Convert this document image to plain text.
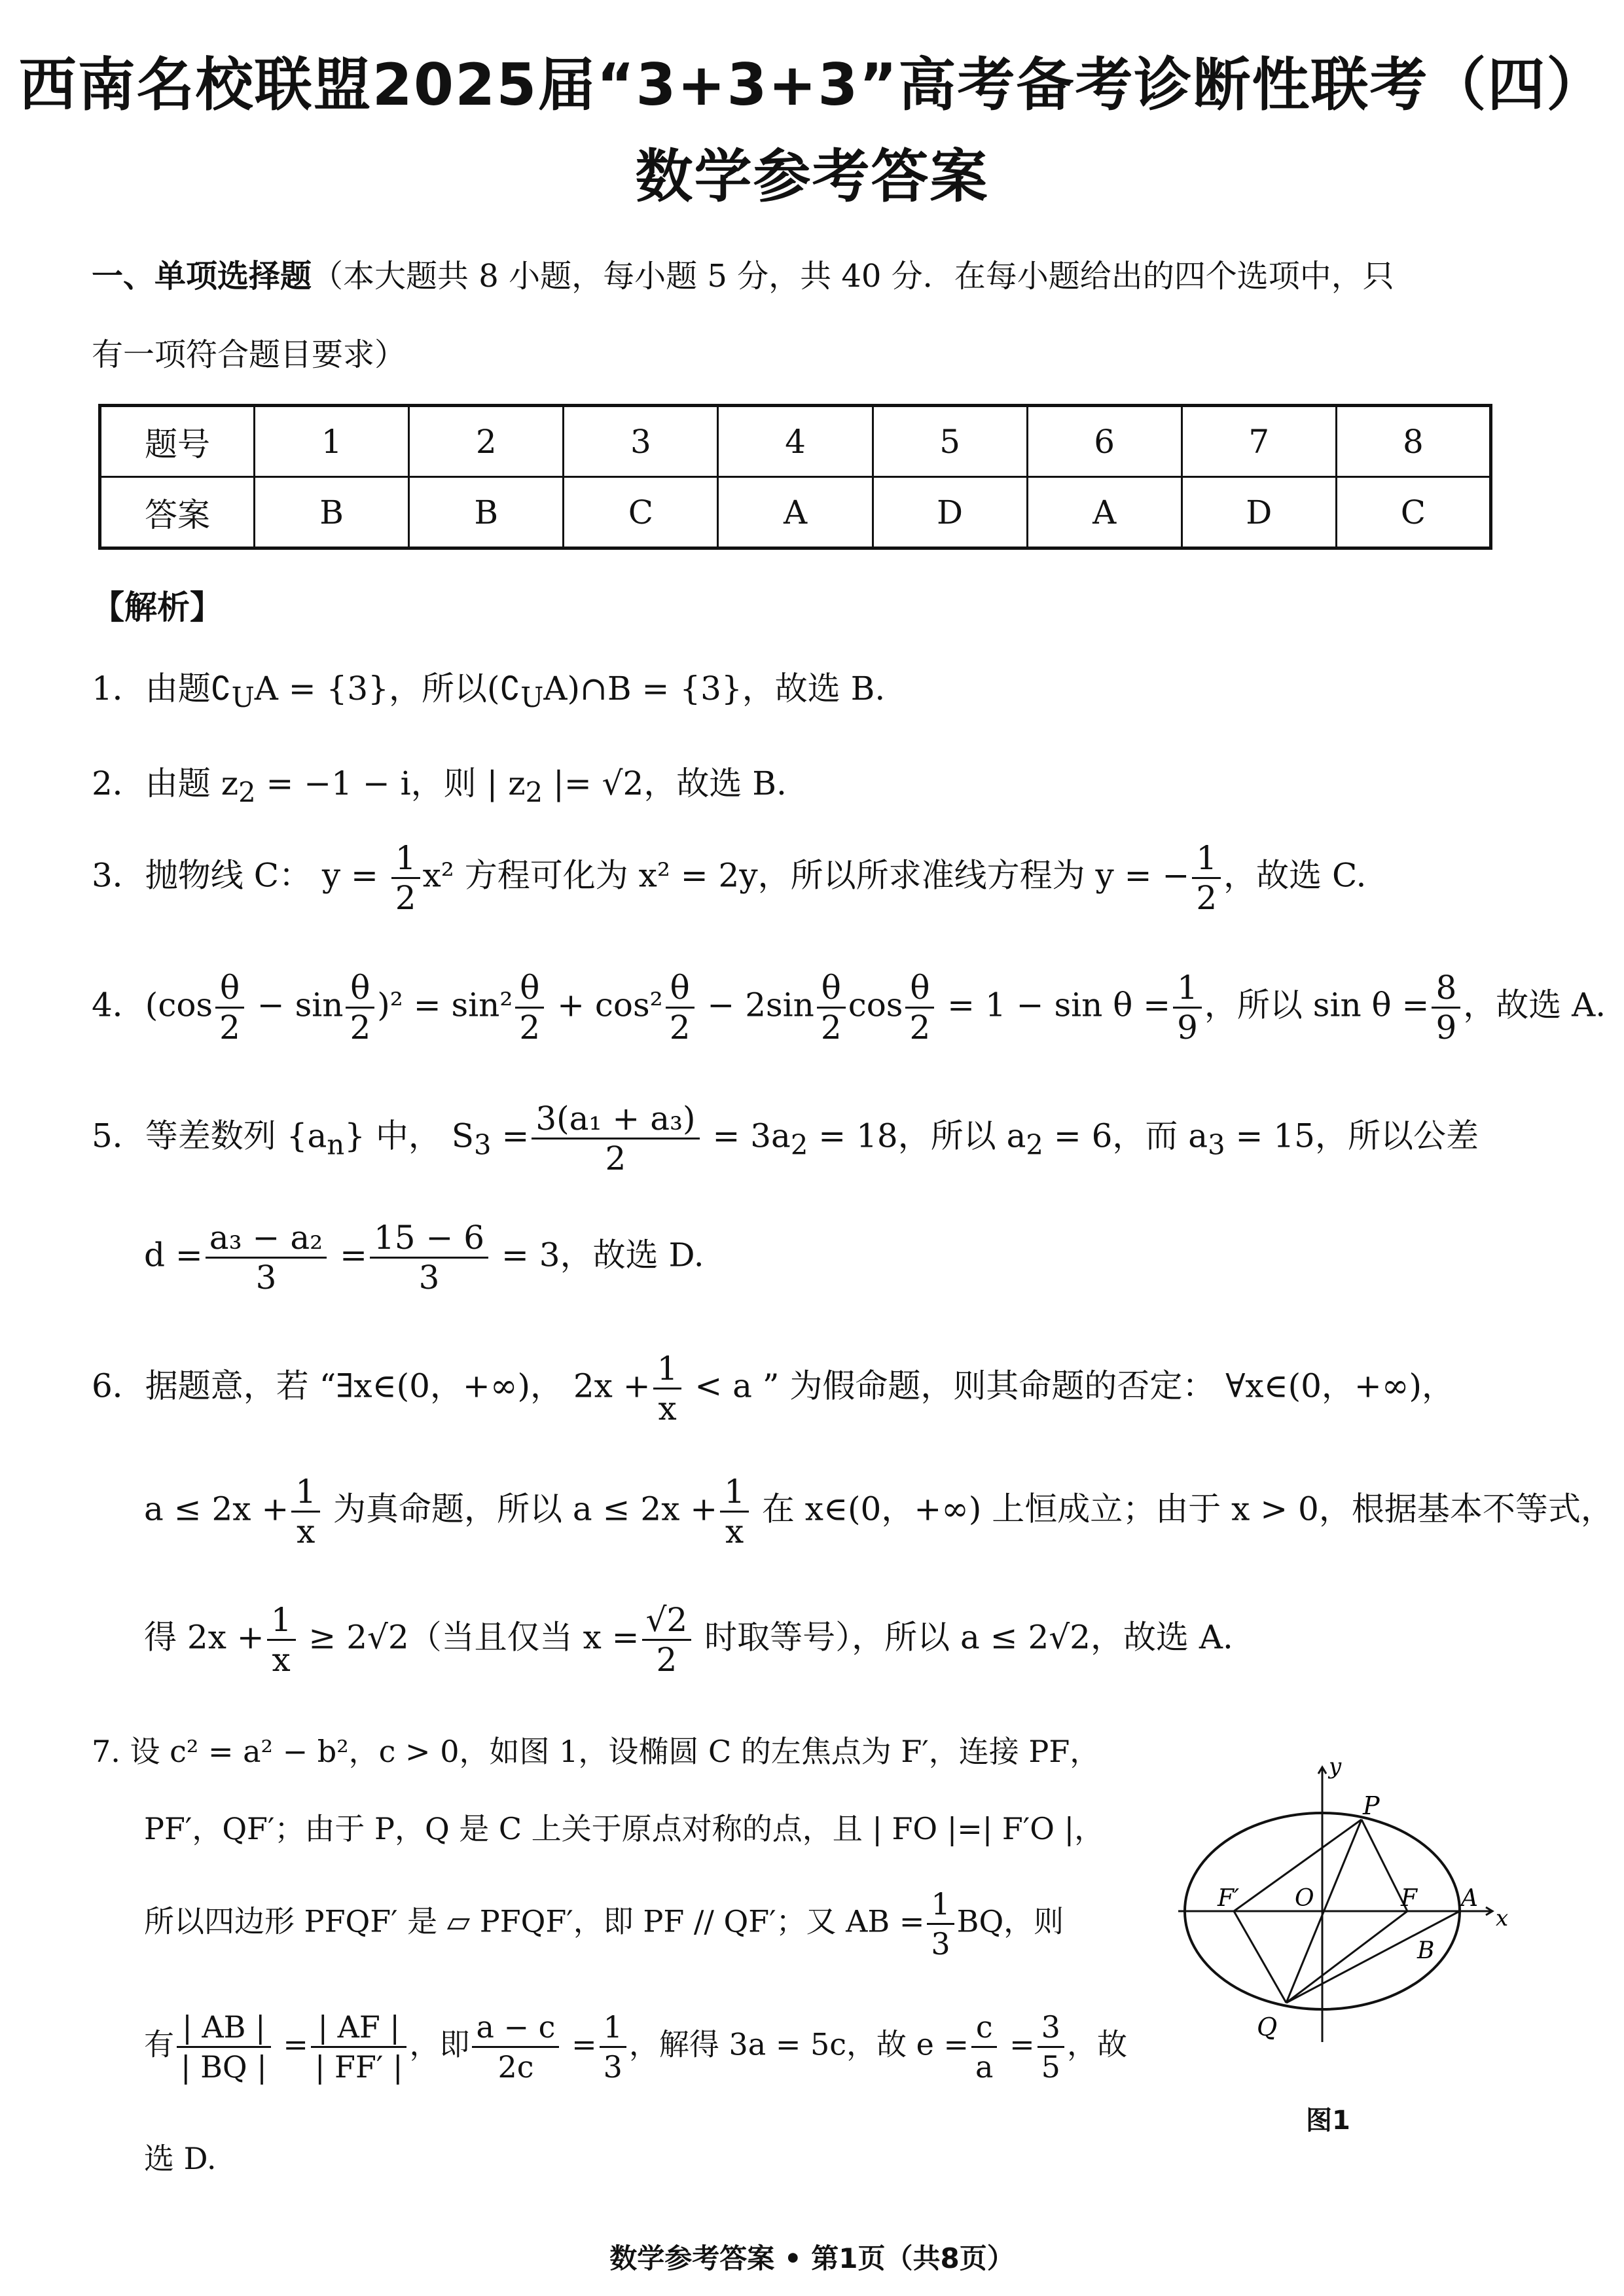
西南名校联盟2025届“3+3+3”高考备考诊断性联考（四）
数学参考答案
一、单项选择题（本大题共 8 小题，每小题 5 分，共 40 分．在每小题给出的四个选项中，只
有一项符合题目要求）
题号	1	2	3	4	5	6	7	8
答案	B	B	C	A	D	A	D	C
【解析】
1．由题$∁_UA = \{3\}$，所以$(∁_UA)\cap B = \{3\}$，故选 B.
2．由题 $z_2 = -1 - i$，则 | $z_2$ |= √2，故选 B.
3．抛物线 C： $y = \frac{1}{2} x^2$ 方程可化为 x² = 2y，所以所求准线方程为 y = − $\frac{1}{2}$ ，故选 C.
4．$(\cos \frac{\theta}{2} - \sin \frac{\theta}{2} )^2 = \sin^2 \frac{\theta}{2} + \cos^2 \frac{\theta}{2} - 2\sin \frac{\theta}{2}$ $\cos \frac{\theta}{2} = 1 - \sin \theta = \frac{1}{9}$ ，所以 $\sin \theta = \frac{8}{9}$ ，故选 A.
5．等差数列 $\{a_n\}$ 中， $S_3 = \frac{\text{3(a₁ + a₃)}}{2} = 3a_2 = 18$，所以 $a_2 = 6$，而 $a_3 = 15$，所以公差
$d = \frac{\text{a₃ − a₂}}{3} = \frac{15 - 6}{3} = 3$，故选 D.
6．据题意，若 “∃x∈(0，+∞)， $2x + \frac{1}{x} < a$ ” 为假命题，则其命题的否定： ∀x∈(0，+∞)，
$a \le 2x + \frac{1}{x}$ 为真命题，所以 $a \le 2x + \frac{1}{x}$ 在 x∈(0，+∞) 上恒成立；由于 x > 0，根据基本不等式，
得 $2x + \frac{1}{x} \ge 2√2$（当且仅当 $x = \frac{√2}{2}$ 时取等号），所以 a ≤ 2√2，故选 A.
7. 设 c² = a² − b²，c > 0，如图 1，设椭圆 C 的左焦点为 F′，连接 PF，
PF′，QF′；由于 P，Q 是 C 上关于原点对称的点，且 | FO |=| F′O |，
所以四边形 PFQF′ 是 ▱ PFQF′，即 PF // QF′；又 AB = $\frac{1}{3}$ BQ，则
有 $\frac{| AB |}{| BQ |} = \frac{| AF |}{| FF' |}$ ，即 $\frac{a - c}{2c} = \frac{1}{3}$ ，解得 3a = 5c，故 $e = \frac{c}{a} = \frac{3}{5}$ ，故
选 D.
y
x
P
Q
F′ O	F A
B
图1
数学参考答案 • 第1页（共8页）
